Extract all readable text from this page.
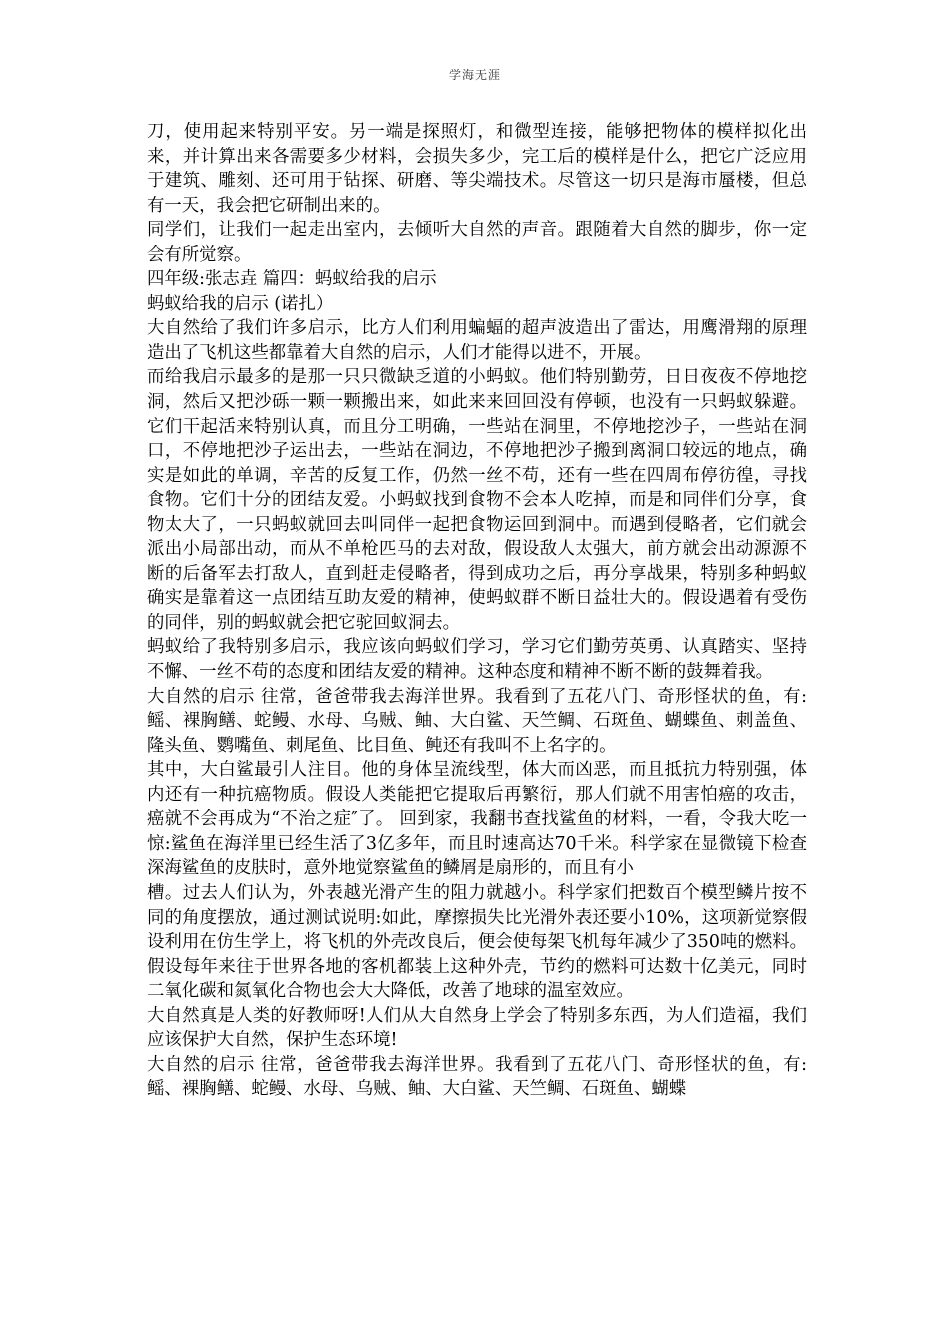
学海无涯

刀，使用起来特别平安。另一端是探照灯，和微型连接，能够把物体的模样拟化出来，并计算出来各需要多少材料，会损失多少，完工后的模样是什么，把它广泛应用于建筑、雕刻、还可用于钻探、研磨、等尖端技术。尽管这一切只是海市蜃楼，但总有一天，我会把它研制出来的。

同学们，让我们一起走出室内，去倾听大自然的声音。跟随着大自然的脚步，你一定会有所觉察。

四年级:张志垚 篇四：蚂蚁给我的启示

蚂蚁给我的启示 (诺扎）

大自然给了我们许多启示，比方人们利用蝙蝠的超声波造出了雷达，用鹰滑翔的原理造出了飞机这些都靠着大自然的启示，人们才能得以进不，开展。

而给我启示最多的是那一只只微缺乏道的小蚂蚁。他们特别勤劳，日日夜夜不停地挖洞，然后又把沙砾一颗一颗搬出来，如此来来回回没有停顿，也没有一只蚂蚁躲避。它们干起活来特别认真，而且分工明确，一些站在洞里，不停地挖沙子，一些站在洞口，不停地把沙子运出去，一些站在洞边，不停地把沙子搬到离洞口较远的地点，确实是如此的单调，辛苦的反复工作，仍然一丝不苟，还有一些在四周布停彷徨，寻找食物。它们十分的团结友爱。小蚂蚁找到食物不会本人吃掉，而是和同伴们分享，食物太大了，一只蚂蚁就回去叫同伴一起把食物运回到洞中。而遇到侵略者，它们就会派出小局部出动，而从不单枪匹马的去对敌，假设敌人太强大，前方就会出动源源不断的后备军去打敌人，直到赶走侵略者，得到成功之后，再分享战果，特别多种蚂蚁确实是靠着这一点团结互助友爱的精神，使蚂蚁群不断日益壮大的。假设遇着有受伤的同伴，别的蚂蚁就会把它驼回蚁洞去。

蚂蚁给了我特别多启示，我应该向蚂蚁们学习，学习它们勤劳英勇、认真踏实、坚持不懈、一丝不苟的态度和团结友爱的精神。这种态度和精神不断不断的鼓舞着我。

大自然的启示 往常，爸爸带我去海洋世界。我看到了五花八门、奇形怪状的鱼，有:鳐、裸胸鳝、蛇鳗、水母、乌贼、鲉、大白鲨、天竺鲷、石斑鱼、蝴蝶鱼、刺盖鱼、隆头鱼、鹦嘴鱼、刺尾鱼、比目鱼、鲀还有我叫不上名字的。

其中，大白鲨最引人注目。他的身体呈流线型，体大而凶恶，而且抵抗力特别强，体内还有一种抗癌物质。假设人类能把它提取后再繁衍，那人们就不用害怕癌的攻击，癌就不会再成为“不治之症″了。 回到家，我翻书查找鲨鱼的材料，一看，令我大吃一惊:鲨鱼在海洋里已经生活了3亿多年，而且时速高达70千米。科学家在显微镜下检查深海鲨鱼的皮肤时，意外地觉察鲨鱼的鳞屑是扇形的，而且有小

槽。过去人们认为，外表越光滑产生的阻力就越小。科学家们把数百个模型鳞片按不同的角度摆放，通过测试说明:如此，摩擦损失比光滑外表还要小10%，这项新觉察假设利用在仿生学上，将飞机的外壳改良后，便会使每架飞机每年减少了350吨的燃料。假设每年来往于世界各地的客机都装上这种外壳，节约的燃料可达数十亿美元，同时二氧化碳和氮氧化合物也会大大降低，改善了地球的温室效应。

大自然真是人类的好教师呀!人们从大自然身上学会了特别多东西，为人们造福，我们应该保护大自然，保护生态环境!

大自然的启示 往常，爸爸带我去海洋世界。我看到了五花八门、奇形怪状的鱼，有:鳐、裸胸鳝、蛇鳗、水母、乌贼、鲉、大白鲨、天竺鲷、石斑鱼、蝴蝶
